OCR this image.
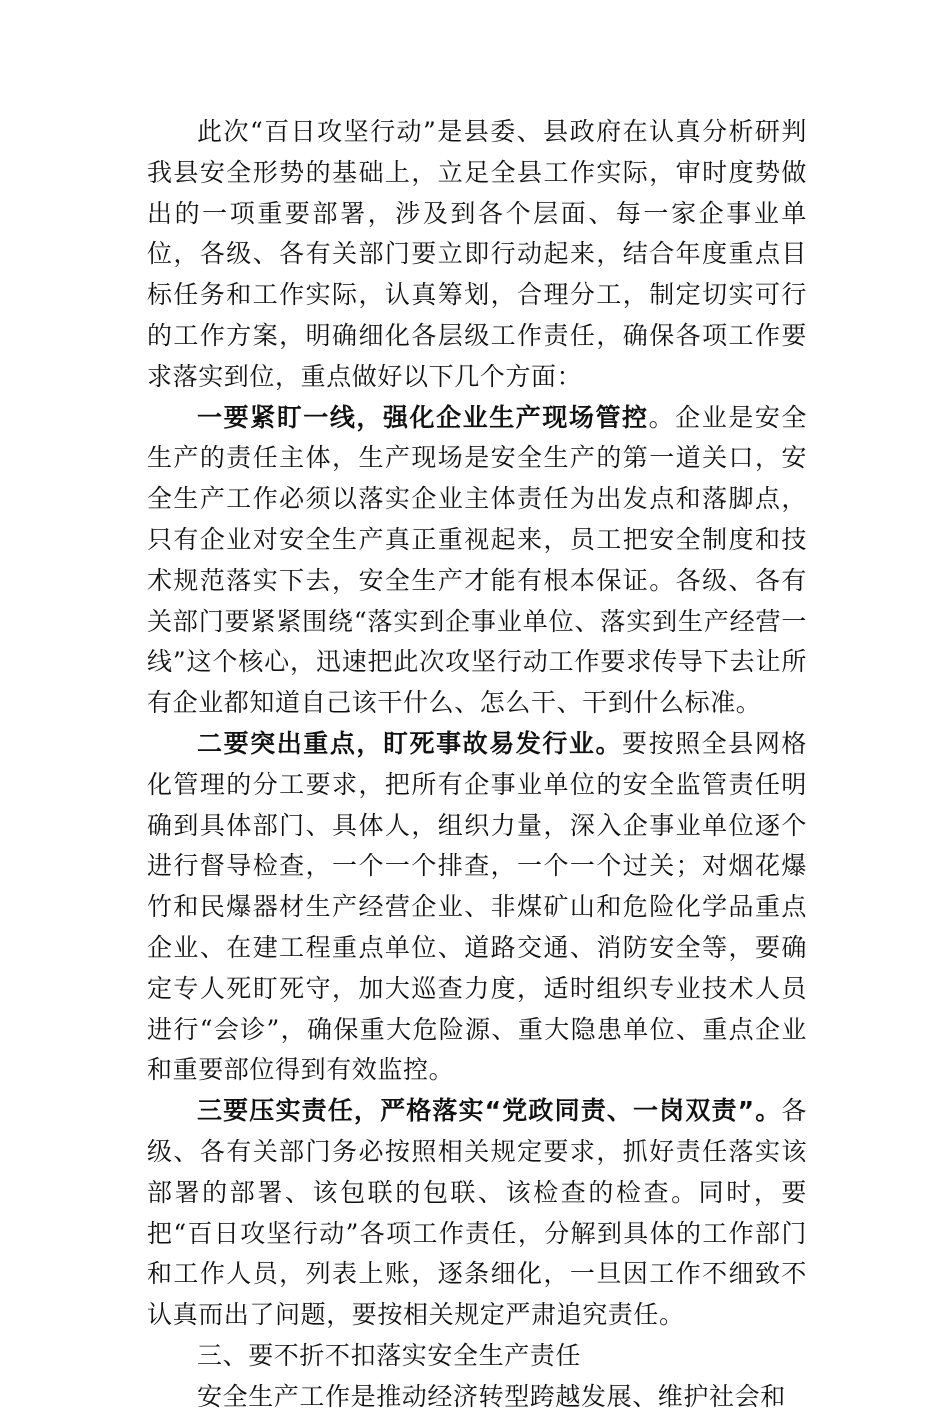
此次“百日攻坚行动”是县委、县政府在认真分析研判我县安全形势的基础上，立足全县工作实际，审时度势做出的一项重要部署，涉及到各个层面、每一家企事业单位，各级、各有关部门要立即行动起来，结合年度重点目标任务和工作实际，认真筹划，合理分工，制定切实可行的工作方案，明确细化各层级工作责任，确保各项工作要求落实到位，重点做好以下几个方面：

一要紧盯一线，强化企业生产现场管控。企业是安全生产的责任主体，生产现场是安全生产的第一道关口，安全生产工作必须以落实企业主体责任为出发点和落脚点，只有企业对安全生产真正重视起来，员工把安全制度和技术规范落实下去，安全生产才能有根本保证。各级、各有关部门要紧紧围绕“落实到企事业单位、落实到生产经营一线”这个核心，迅速把此次攻坚行动工作要求传导下去让所有企业都知道自己该干什么、怎么干、干到什么标准。

二要突出重点，盯死事故易发行业。要按照全县网格化管理的分工要求，把所有企事业单位的安全监管责任明确到具体部门、具体人，组织力量，深入企事业单位逐个进行督导检查，一个一个排查，一个一个过关；对烟花爆竹和民爆器材生产经营企业、非煤矿山和危险化学品重点企业、在建工程重点单位、道路交通、消防安全等，要确定专人死盯死守，加大巡查力度，适时组织专业技术人员进行“会诊”，确保重大危险源、重大隐患单位、重点企业和重要部位得到有效监控。

三要压实责任，严格落实“党政同责、一岗双责”。各级、各有关部门务必按照相关规定要求，抓好责任落实该部署的部署、该包联的包联、该检查的检查。同时，要把“百日攻坚行动”各项工作责任，分解到具体的工作部门和工作人员，列表上账，逐条细化，一旦因工作不细致不认真而出了问题，要按相关规定严肃追究责任。

三、要不折不扣落实安全生产责任

安全生产工作是推动经济转型跨越发展、维护社会和
